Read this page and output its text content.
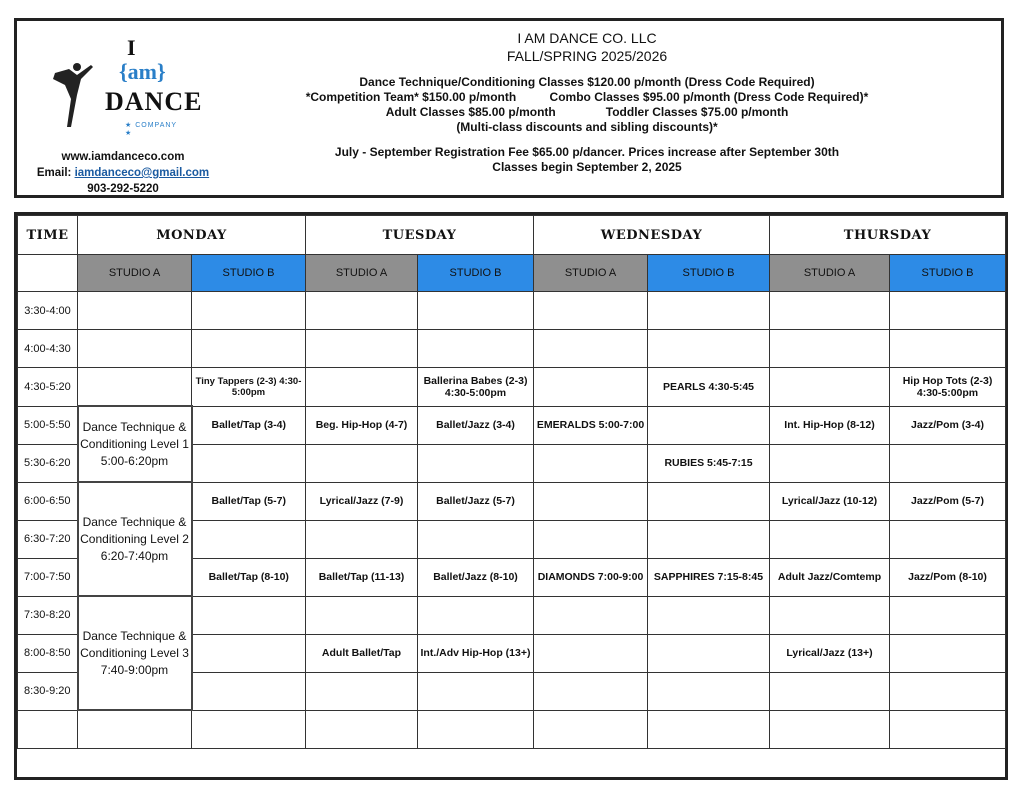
I
{am}
DANCE
★ COMPANY ★
www.iamdanceco.com
Email: iamdanceco@gmail.com
903-292-5220
I AM DANCE CO. LLC
FALL/SPRING 2025/2026
Dance Technique/Conditioning Classes $120.00 p/month (Dress Code Required)
*Competition Team* $150.00 p/month	Combo Classes $95.00 p/month (Dress Code Required)*
Adult Classes $85.00 p/month	Toddler Classes $75.00 p/month
(Multi-class discounts and sibling discounts)*
July - September Registration Fee $65.00 p/dancer. Prices increase after September 30th
Classes begin September 2, 2025
TIME	MONDAY		TUESDAY		WEDNESDAY		THURSDAY	
	STUDIO A	STUDIO B	STUDIO A	STUDIO B	STUDIO A	STUDIO B	STUDIO A	STUDIO B
3:30-4:00								
4:00-4:30								
4:30-5:20		Tiny Tappers (2-3) 4:30-5:00pm		Ballerina Babes (2-3) 4:30-5:00pm		PEARLS 4:30-5:45		Hip Hop Tots (2-3) 4:30-5:00pm
5:00-5:50	Dance Technique & Conditioning Level 1 5:00-6:20pm	Ballet/Tap (3-4)	Beg. Hip-Hop (4-7)	Ballet/Jazz (3-4)	EMERALDS 5:00-7:00		Int. Hip-Hop (8-12)	Jazz/Pom (3-4)
5:30-6:20						RUBIES 5:45-7:15		
6:00-6:50	Dance Technique & Conditioning Level 2 6:20-7:40pm	Ballet/Tap (5-7)	Lyrical/Jazz (7-9)	Ballet/Jazz (5-7)			Lyrical/Jazz (10-12)	Jazz/Pom (5-7)
6:30-7:20								
7:00-7:50		Ballet/Tap (8-10)	Ballet/Tap (11-13)	Ballet/Jazz (8-10)	DIAMONDS 7:00-9:00	SAPPHIRES 7:15-8:45	Adult Jazz/Comtemp	Jazz/Pom (8-10)
7:30-8:20	Dance Technique & Conditioning Level 3 7:40-9:00pm							
8:00-8:50			Adult Ballet/Tap	Int./Adv Hip-Hop (13+)			Lyrical/Jazz (13+)	
8:30-9:20								
